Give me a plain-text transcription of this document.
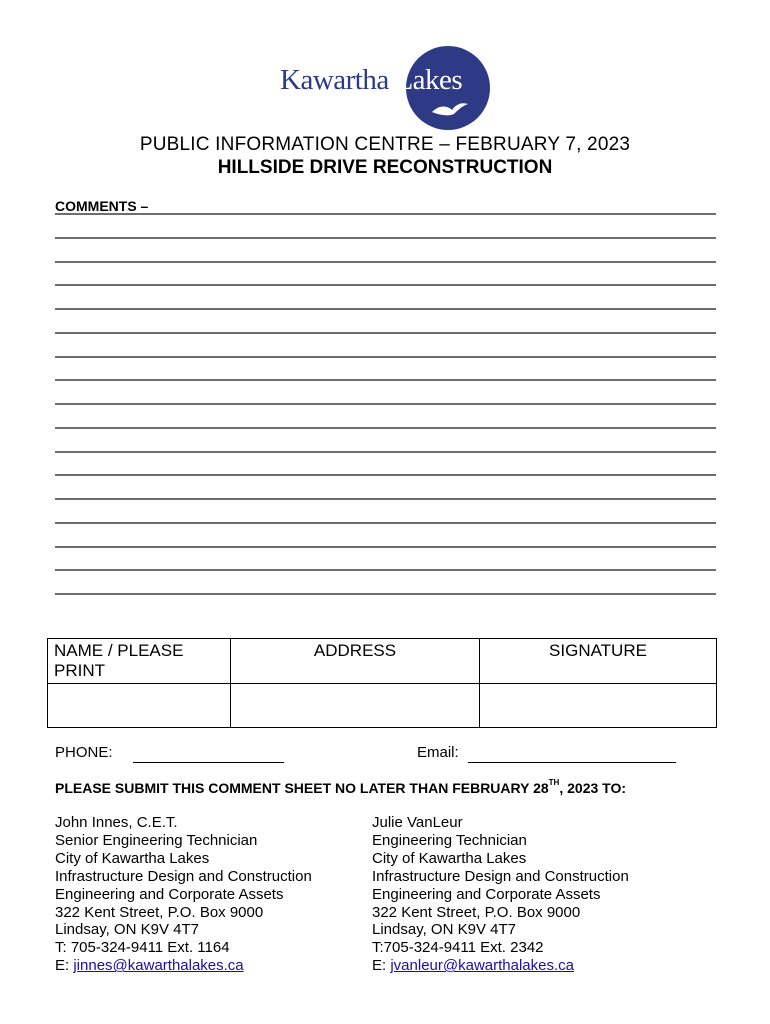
Kawartha Lakes
PUBLIC INFORMATION CENTRE – FEBRUARY 7, 2023
HILLSIDE DRIVE RECONSTRUCTION
COMMENTS –
NAME / PLEASE PRINT	ADDRESS	SIGNATURE

PHONE:	Email:
PLEASE SUBMIT THIS COMMENT SHEET NO LATER THAN FEBRUARY 28TH, 2023 TO:
John Innes, C.E.T.
Senior Engineering Technician
City of Kawartha Lakes
Infrastructure Design and Construction
Engineering and Corporate Assets
322 Kent Street, P.O. Box 9000
Lindsay, ON K9V 4T7
T: 705-324-9411 Ext. 1164
E: jinnes@kawarthalakes.ca
Julie VanLeur
Engineering Technician
City of Kawartha Lakes
Infrastructure Design and Construction
Engineering and Corporate Assets
322 Kent Street, P.O. Box 9000
Lindsay, ON K9V 4T7
T:705-324-9411 Ext. 2342
E: jvanleur@kawarthalakes.ca
